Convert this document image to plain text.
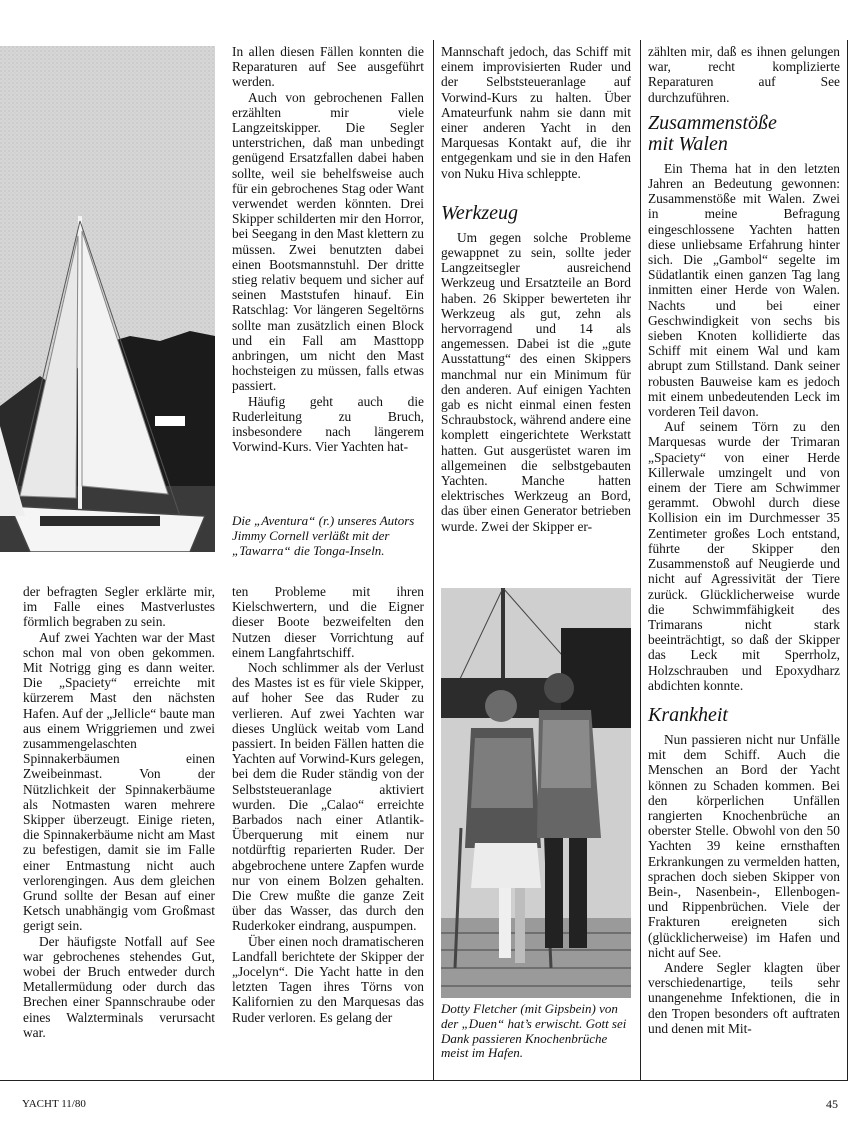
Die „Aventura“ (r.) unseres Autors Jimmy Cornell verläßt mit der „Tawarra“ die Tonga-Inseln.
Dotty Fletcher (mit Gipsbein) von der „Duen“ hat’s erwischt. Gott sei Dank passieren Knochenbrüche meist im Hafen.

der befragten Segler erklärte mir, im Falle eines Mastverlustes förmlich begraben zu sein.

Auf zwei Yachten war der Mast schon mal von oben gekommen. Mit Notrigg ging es dann weiter. Die „Spaciety“ erreichte mit kürzerem Mast den nächsten Hafen. Auf der „Jellicle“ baute man aus einem Wriggriemen und zwei zusammengelaschten Spinnakerbäumen einen Zweibeinmast. Von der Nützlichkeit der Spinnakerbäume als Notmasten waren mehrere Skipper überzeugt. Einige rieten, die Spinnakerbäume nicht am Mast zu befestigen, damit sie im Falle einer Entmastung nicht auch verlorengingen. Aus dem gleichen Grund sollte der Besan auf einer Ketsch unabhängig vom Großmast gerigt sein.

Der häufigste Notfall auf See war gebrochenes stehendes Gut, wobei der Bruch entweder durch Metallermüdung oder durch das Brechen einer Spannschraube oder eines Walzterminals verursacht war.

In allen diesen Fällen konnten die Reparaturen auf See ausgeführt werden.

Auch von gebrochenen Fallen erzählten mir viele Langzeitskipper. Die Segler unterstrichen, daß man unbedingt genügend Ersatzfallen dabei haben sollte, weil sie behelfsweise auch für ein gebrochenes Stag oder Want verwendet werden könnten. Drei Skipper schilderten mir den Horror, bei Seegang in den Mast klettern zu müssen. Zwei benutzten dabei einen Bootsmannstuhl. Der dritte stieg relativ bequem und sicher auf seinen Maststufen hinauf. Ein Ratschlag: Vor längeren Segeltörns sollte man zusätzlich einen Block und ein Fall am Masttopp anbringen, um nicht den Mast hochsteigen zu müssen, falls etwas passiert.

Häufig geht auch die Ruderleitung zu Bruch, insbesondere nach längerem Vorwind-Kurs. Vier Yachten hat-

ten Probleme mit ihren Kielschwertern, und die Eigner dieser Boote bezweifelten den Nutzen dieser Vorrichtung auf einem Langfahrtschiff.

Noch schlimmer als der Verlust des Mastes ist es für viele Skipper, auf hoher See das Ruder zu verlieren. Auf zwei Yachten war dieses Unglück weitab vom Land passiert. In beiden Fällen hatten die Yachten auf Vorwind-Kurs gelegen, bei dem die Ruder ständig von der Selbststeueranlage aktiviert wurden. Die „Calao“ erreichte Barbados nach einer Atlantik-Überquerung mit einem nur notdürftig reparierten Ruder. Der abgebrochene untere Zapfen wurde nur von einem Bolzen gehalten. Die Crew mußte die ganze Zeit über das Wasser, das durch den Ruderkoker eindrang, auspumpen.

Über einen noch dramatischeren Landfall berichtete der Skipper der „Jocelyn“. Die Yacht hatte in den letzten Tagen ihres Törns von Kalifornien zu den Marquesas das Ruder verloren. Es gelang der

Mannschaft jedoch, das Schiff mit einem improvisierten Ruder und der Selbststeueranlage auf Vorwind-Kurs zu halten. Über Amateurfunk nahm sie dann mit einer anderen Yacht in den Marquesas Kontakt auf, die ihr entgegenkam und sie in den Hafen von Nuku Hiva schleppte.

Werkzeug

Um gegen solche Probleme gewappnet zu sein, sollte jeder Langzeitsegler ausreichend Werkzeug und Ersatzteile an Bord haben. 26 Skipper bewerteten ihr Werkzeug als gut, zehn als hervorragend und 14 als angemessen. Dabei ist die „gute Ausstattung“ des einen Skippers manchmal nur ein Minimum für den anderen. Auf einigen Yachten gab es nicht einmal einen festen Schraubstock, während andere eine komplett eingerichtete Werkstatt hatten. Gut ausgerüstet waren im allgemeinen die selbstgebauten Yachten. Manche hatten elektrisches Werkzeug an Bord, das über einen Generator betrieben wurde. Zwei der Skipper er-

zählten mir, daß es ihnen gelungen war, recht komplizierte Reparaturen auf See durchzuführen.

Zusammenstöße mit Walen

Ein Thema hat in den letzten Jahren an Bedeutung gewonnen: Zusammenstöße mit Walen. Zwei in meine Befragung eingeschlossene Yachten hatten diese unliebsame Erfahrung hinter sich. Die „Gambol“ segelte im Südatlantik einen ganzen Tag lang inmitten einer Herde von Walen. Nachts und bei einer Geschwindigkeit von sechs bis sieben Knoten kollidierte das Schiff mit einem Wal und kam abrupt zum Stillstand. Dank seiner robusten Bauweise kam es jedoch mit einem unbedeutenden Leck im vorderen Teil davon.

Auf seinem Törn zu den Marquesas wurde der Trimaran „Spaciety“ von einer Herde Killerwale umzingelt und von einem der Tiere am Schwimmer gerammt. Obwohl durch diese Kollision ein im Durchmesser 35 Zentimeter großes Loch entstand, führte der Skipper den Zusammenstoß auf Neugierde und nicht auf Agressivität der Tiere zurück. Glücklicherweise wurde die Schwimmfähigkeit des Trimarans nicht stark beeinträchtigt, so daß der Skipper das Leck mit Sperrholz, Holzschrauben und Epoxydharz abdichten konnte.

Krankheit

Nun passieren nicht nur Unfälle mit dem Schiff. Auch die Menschen an Bord der Yacht können zu Schaden kommen. Bei den körperlichen Unfällen rangierten Knochenbrüche an oberster Stelle. Obwohl von den 50 Yachten 39 keine ernsthaften Erkrankungen zu vermelden hatten, sprachen doch sieben Skipper von Bein-, Nasenbein-, Ellenbogen- und Rippenbrüchen. Viele der Frakturen ereigneten sich (glücklicherweise) im Hafen und nicht auf See.

Andere Segler klagten über verschiedenartige, teils sehr unangenehme Infektionen, die in den Tropen besonders oft auftraten und denen mit Mit-

YACHT 11/80	45
